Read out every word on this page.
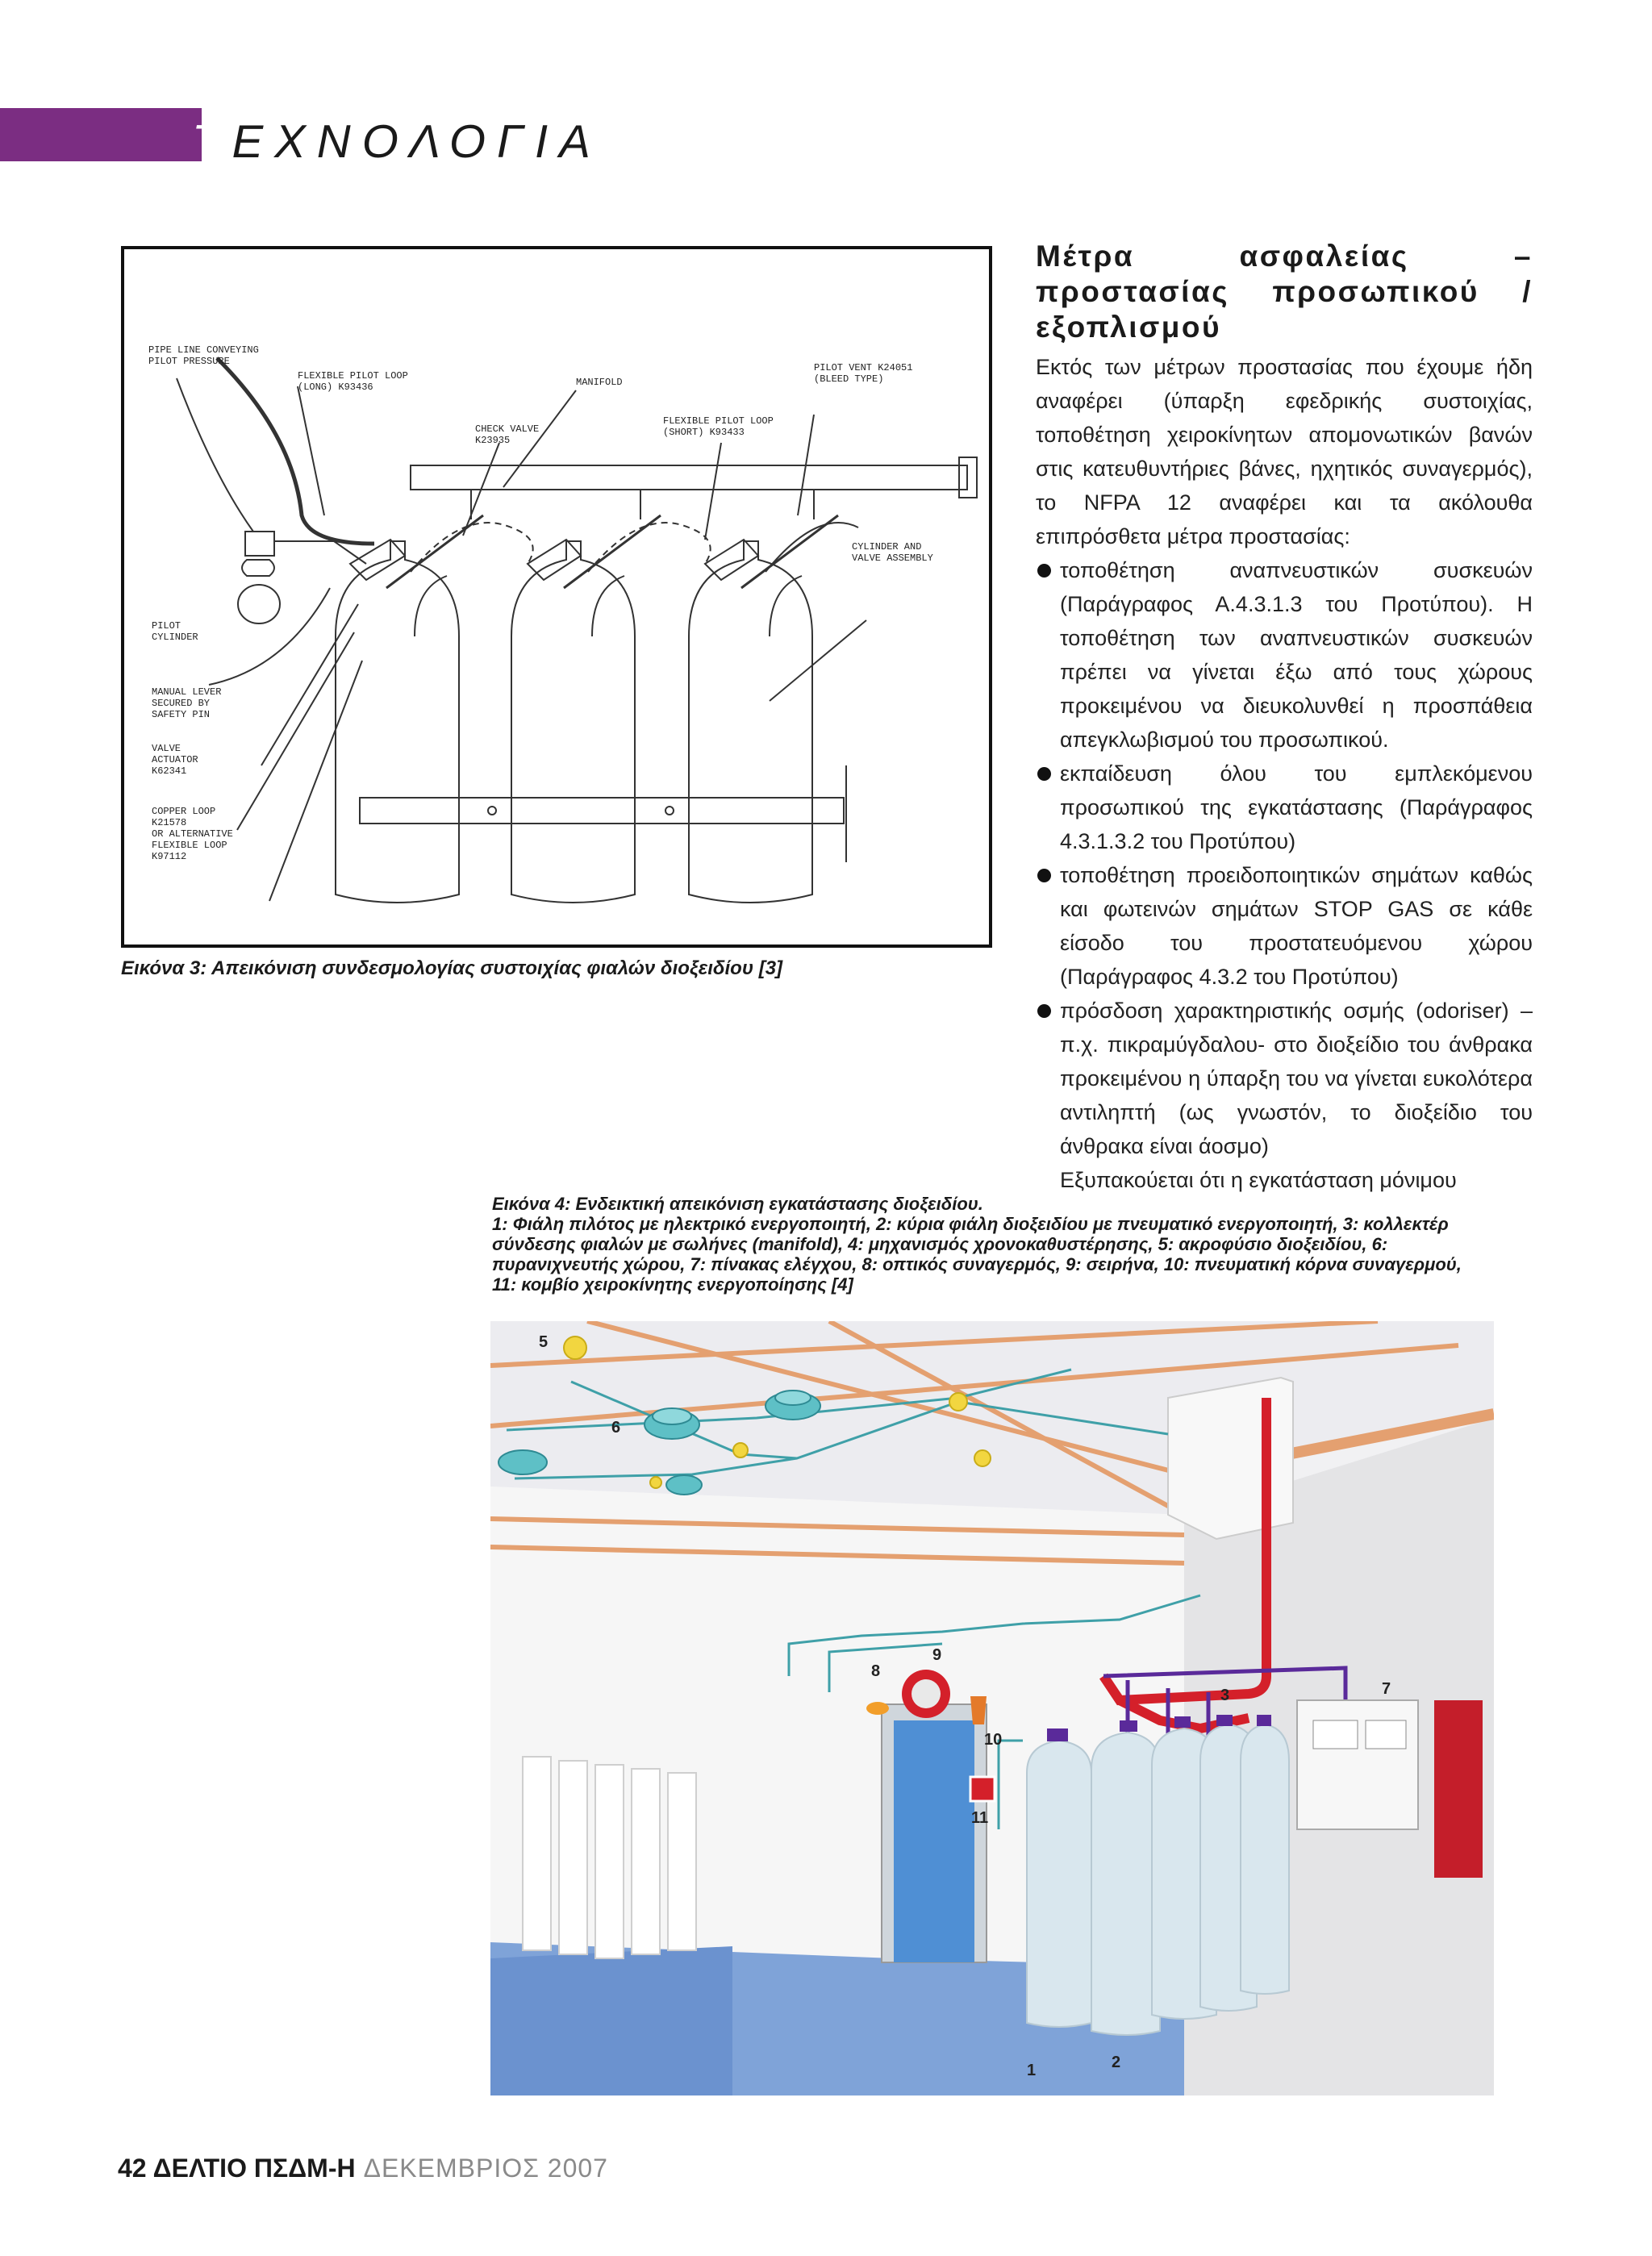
ΤΕΧΝΟΛΟΓΙΑ
PIPE LINE CONVEYING
PILOT PRESSURE
FLEXIBLE PILOT LOOP
(LONG) K93436	MANIFOLD
CHECK VALVE
K23935
PILOT VENT K24051
(BLEED TYPE)
FLEXIBLE PILOT LOOP
(SHORT) K93433
CYLINDER AND
VALVE ASSEMBLY
PILOT
CYLINDER
MANUAL LEVER
SECURED BY
SAFETY PIN
VALVE
ACTUATOR
K62341
COPPER LOOP
K21578
OR ALTERNATIVE
FLEXIBLE LOOP
K97112
Εικόνα 3: Απεικόνιση συνδεσμολογίας συστοιχίας φιαλών διοξειδίου [3]
Μέτρα ασφαλείας – προστασίας προσωπικού / εξοπλισμού

Εκτός των μέτρων προστασίας που έχουμε ήδη αναφέρει (ύπαρξη εφεδρικής συστοιχίας, τοποθέτηση χειροκίνητων απομονωτικών βανών στις κατευθυντήριες βάνες, ηχητικός συναγερμός), το NFPA 12 αναφέρει και τα ακόλουθα επιπρόσθετα μέτρα προστασίας:

τοποθέτηση αναπνευστικών συσκευών (Παράγραφος Α.4.3.1.3 του Προτύπου). Η τοποθέτηση των αναπνευστικών συσκευών πρέπει να γίνεται έξω από τους χώρους προκειμένου να διευκολυνθεί η προσπάθεια απεγκλωβισμού του προσωπικού.
εκπαίδευση όλου του εμπλεκόμενου προσωπικού της εγκατάστασης (Παράγραφος 4.3.1.3.2 του Προτύπου)
τοποθέτηση προειδοποιητικών σημάτων καθώς και φωτεινών σημάτων STOP GAS σε κάθε είσοδο του προστατευόμενου χώρου (Παράγραφος 4.3.2 του Προτύπου)
πρόσδοση χαρακτηριστικής οσμής (odoriser) – π.χ. πικραμύγδαλου- στο διοξείδιο του άνθρακα προκειμένου η ύπαρξη του να γίνεται ευκολότερα αντιληπτή (ως γνωστόν, το διοξείδιο του άνθρακα είναι άοσμο)

Εξυπακούεται ότι η εγκατάσταση μόνιμου

Εικόνα 4: Ενδεικτική απεικόνιση εγκατάστασης διοξειδίου.
1: Φιάλη πιλότος με ηλεκτρικό ενεργοποιητή, 2: κύρια φιάλη διοξειδίου με πνευματικό ενεργοποιητή, 3: κολλεκτέρ
σύνδεσης φιαλών με σωλήνες (manifold), 4: μηχανισμός χρονοκαθυστέρησης, 5: ακροφύσιο διοξειδίου, 6:
πυρανιχνευτής χώρου, 7: πίνακας ελέγχου, 8: οπτικός συναγερμός, 9: σειρήνα, 10: πνευματική κόρνα συναγερμού,
11: κομβίο χειροκίνητης ενεργοποίησης [4]
5
6
7
8
9
10
11
3
1	2
42 ΔΕΛΤΙΟ ΠΣΔΜ-Η ΔΕΚΕΜΒΡΙΟΣ 2007
